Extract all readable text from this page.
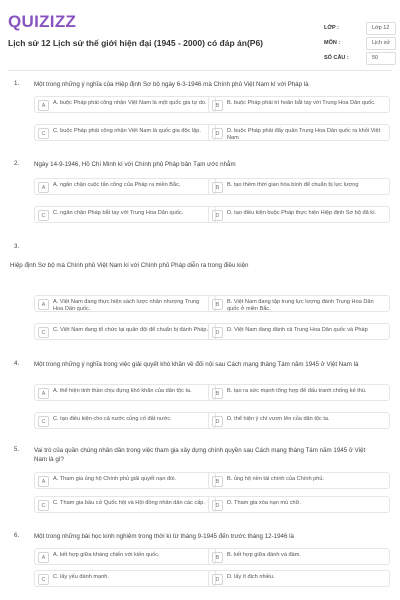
QUIZIZZ
Lịch sử 12 Lịch sử thế giới hiện đại (1945 - 2000) có đáp án(P6)
LỚP :	Lớp 12
MÔN :	Lịch sử
SỐ CÂU :	50
1. Một trong những ý nghĩa của Hiệp định Sơ bộ ngày 6-3-1946 mà Chính phủ Việt Nam kí với Pháp là
A	A. buộc Pháp phải công nhận Việt Nam là một quốc gia tự do.	B	B. buộc Pháp phải trì hoãn bắt tay với Trung Hoa Dân quốc.
C	C. buộc Pháp phải công nhận Việt Nam là quốc gia độc lập.	D	D. buộc Pháp phải đẩy quân Trung Hoa Dân quốc ra khỏi Việt Nam
2. Ngày 14-9-1946, Hồ Chí Minh kí với Chính phủ Pháp bản Tạm ước nhằm
A	A. ngăn chặn cuộc tấn công của Pháp ra miền Bắc.	B	B. tạo thêm thời gian hòa bình để chuẩn bị lực lượng
C	C. ngăn chặn Pháp bắt tay với Trung Hoa Dân quốc.	D	D. tạo điều kiện buộc Pháp thực hiện Hiệp định Sơ bộ đã kí.
3.
Hiệp định Sơ bộ mà Chính phủ Việt Nam kí với Chính phủ Pháp diễn ra trong điều kiện
A	A. Việt Nam đang thực hiện sách lược nhân nhượng Trung Hoa Dân quốc.
B	B. Việt Nam đang tập trung lực lượng đánh Trung Hoa Dân quốc ở miền Bắc.
C	C. Việt Nam đang tổ chức lại quân đội để chuẩn bị đánh Pháp..	D	D. Việt Nam đang đánh cả Trung Hoa Dân quốc và Pháp
4. Một trong những ý nghĩa trong việc giải quyết khó khăn về đối nội sau Cách mạng tháng Tám năm 1945 ở Việt Nam là
A	A. thể hiện tinh thần chịu đựng khó khăn của dân tộc ta.	B	B. tạo ra sức mạnh tổng hợp để đấu tranh chống kẻ thù.
C	C. tạo điều kiện cho cả nước củng cố đất nước.	D	D. thể hiện ý chí vươn lên của dân tộc ta.
5. Vai trò của quần chúng nhân dân trong việc tham gia xây dựng chính quyền sau Cách mạng tháng Tám năm 1945 ở Việt Nam là gì?
A	A. Tham gia ủng hộ Chính phủ giải quyết nạn đói.	B	B. ủng hộ nền tài chính của Chính phủ.
C	C. Tham gia bầu cử Quốc hội và Hội đồng nhân dân các cấp.	D	D. Tham gia xóa nạn mù chữ.
6. Một trong những bài học kinh nghiệm trong thời kì từ tháng 9-1945 đến trước tháng 12-1946 là
A	A. kết hợp giữa kháng chiến với kiến quốc.	B	B. kết hợp giữa đánh và đàm.
C	C. lấy yếu đánh mạnh.	D	D. lấy ít địch nhiều.
